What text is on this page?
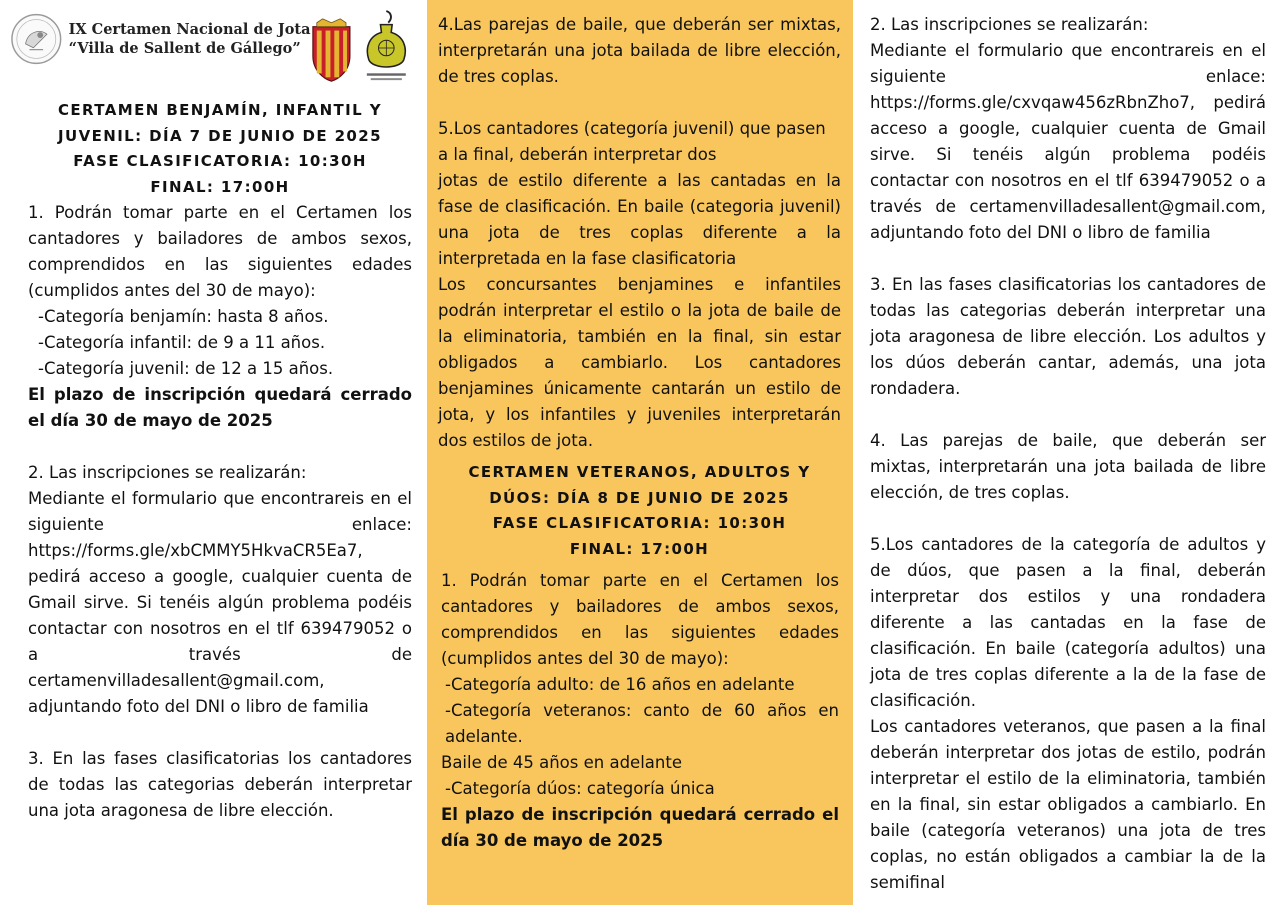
IX Certamen Nacional de Jota
“Villa de Sallent de Gállego”
CERTAMEN BENJAMÍN, INFANTIL Y
JUVENIL: DÍA 7 DE JUNIO DE 2025
FASE CLASIFICATORIA: 10:30H
FINAL: 17:00H

1. Podrán tomar parte en el Certamen los cantadores y bailadores de ambos sexos, comprendidos en las siguientes edades (cumplidos antes del 30 de mayo):

-Categoría benjamín: hasta 8 años.

-Categoría infantil: de 9 a 11 años.

-Categoría juvenil: de 12 a 15 años.

El plazo de inscripción quedará cerrado el día 30 de mayo de 2025

2. Las inscripciones se realizarán:

Mediante el formulario que encontrareis en el siguiente enlace: https://forms.gle/xbCMMY5HkvaCR5Ea7, pedirá acceso a google, cualquier cuenta de Gmail sirve. Si tenéis algún problema podéis contactar con nosotros en el tlf 639479052 o a través de certamenvilladesallent@gmail.com,

adjuntando foto del DNI o libro de familia

3. En las fases clasificatorias los cantadores de todas las categorias deberán interpretar una jota aragonesa de libre elección.

4.Las parejas de baile, que deberán ser mixtas, interpretarán una jota bailada de libre elección, de tres coplas.

5.Los cantadores (categoría juvenil) que pasen a la final, deberán interpretar dos

jotas de estilo diferente a las cantadas en la fase de clasificación. En baile (categoria juvenil) una jota de tres coplas diferente a la interpretada en la fase clasificatoria

Los concursantes benjamines e infantiles podrán interpretar el estilo o la jota de baile de la eliminatoria, también en la final, sin estar obligados a cambiarlo. Los cantadores benjamines únicamente cantarán un estilo de jota, y los infantiles y juveniles interpretarán dos estilos de jota.

CERTAMEN VETERANOS, ADULTOS Y
DÚOS: DÍA 8 DE JUNIO DE 2025
FASE CLASIFICATORIA: 10:30H
FINAL: 17:00H

1. Podrán tomar parte en el Certamen los cantadores y bailadores de ambos sexos, comprendidos en las siguientes edades (cumplidos antes del 30 de mayo):

-Categoría adulto: de 16 años en adelante

-Categoría veteranos: canto de 60 años en adelante.

Baile de 45 años en adelante

-Categoría dúos: categoría única

El plazo de inscripción quedará cerrado el día 30 de mayo de 2025

2. Las inscripciones se realizarán:

Mediante el formulario que encontrareis en el siguiente enlace: https://forms.gle/cxvqaw456zRbnZho7, pedirá acceso a google, cualquier cuenta de Gmail sirve. Si tenéis algún problema podéis contactar con nosotros en el tlf 639479052 o a través de certamenvilladesallent@gmail.com, adjuntando foto del DNI o libro de familia

3. En las fases clasificatorias los cantadores de todas las categorias deberán interpretar una jota aragonesa de libre elección. Los adultos y los dúos deberán cantar, además, una jota rondadera.

4. Las parejas de baile, que deberán ser mixtas, interpretarán una jota bailada de libre elección, de tres coplas.

5.Los cantadores de la categoría de adultos y de dúos, que pasen a la final, deberán interpretar dos estilos y una rondadera diferente a las cantadas en la fase de clasificación. En baile (categoría adultos) una jota de tres coplas diferente a la de la fase de clasificación.

Los cantadores veteranos, que pasen a la final deberán interpretar dos jotas de estilo, podrán interpretar el estilo de la eliminatoria, también en la final, sin estar obligados a cambiarlo. En baile (categoría veteranos) una jota de tres coplas, no están obligados a cambiar la de la semifinal
